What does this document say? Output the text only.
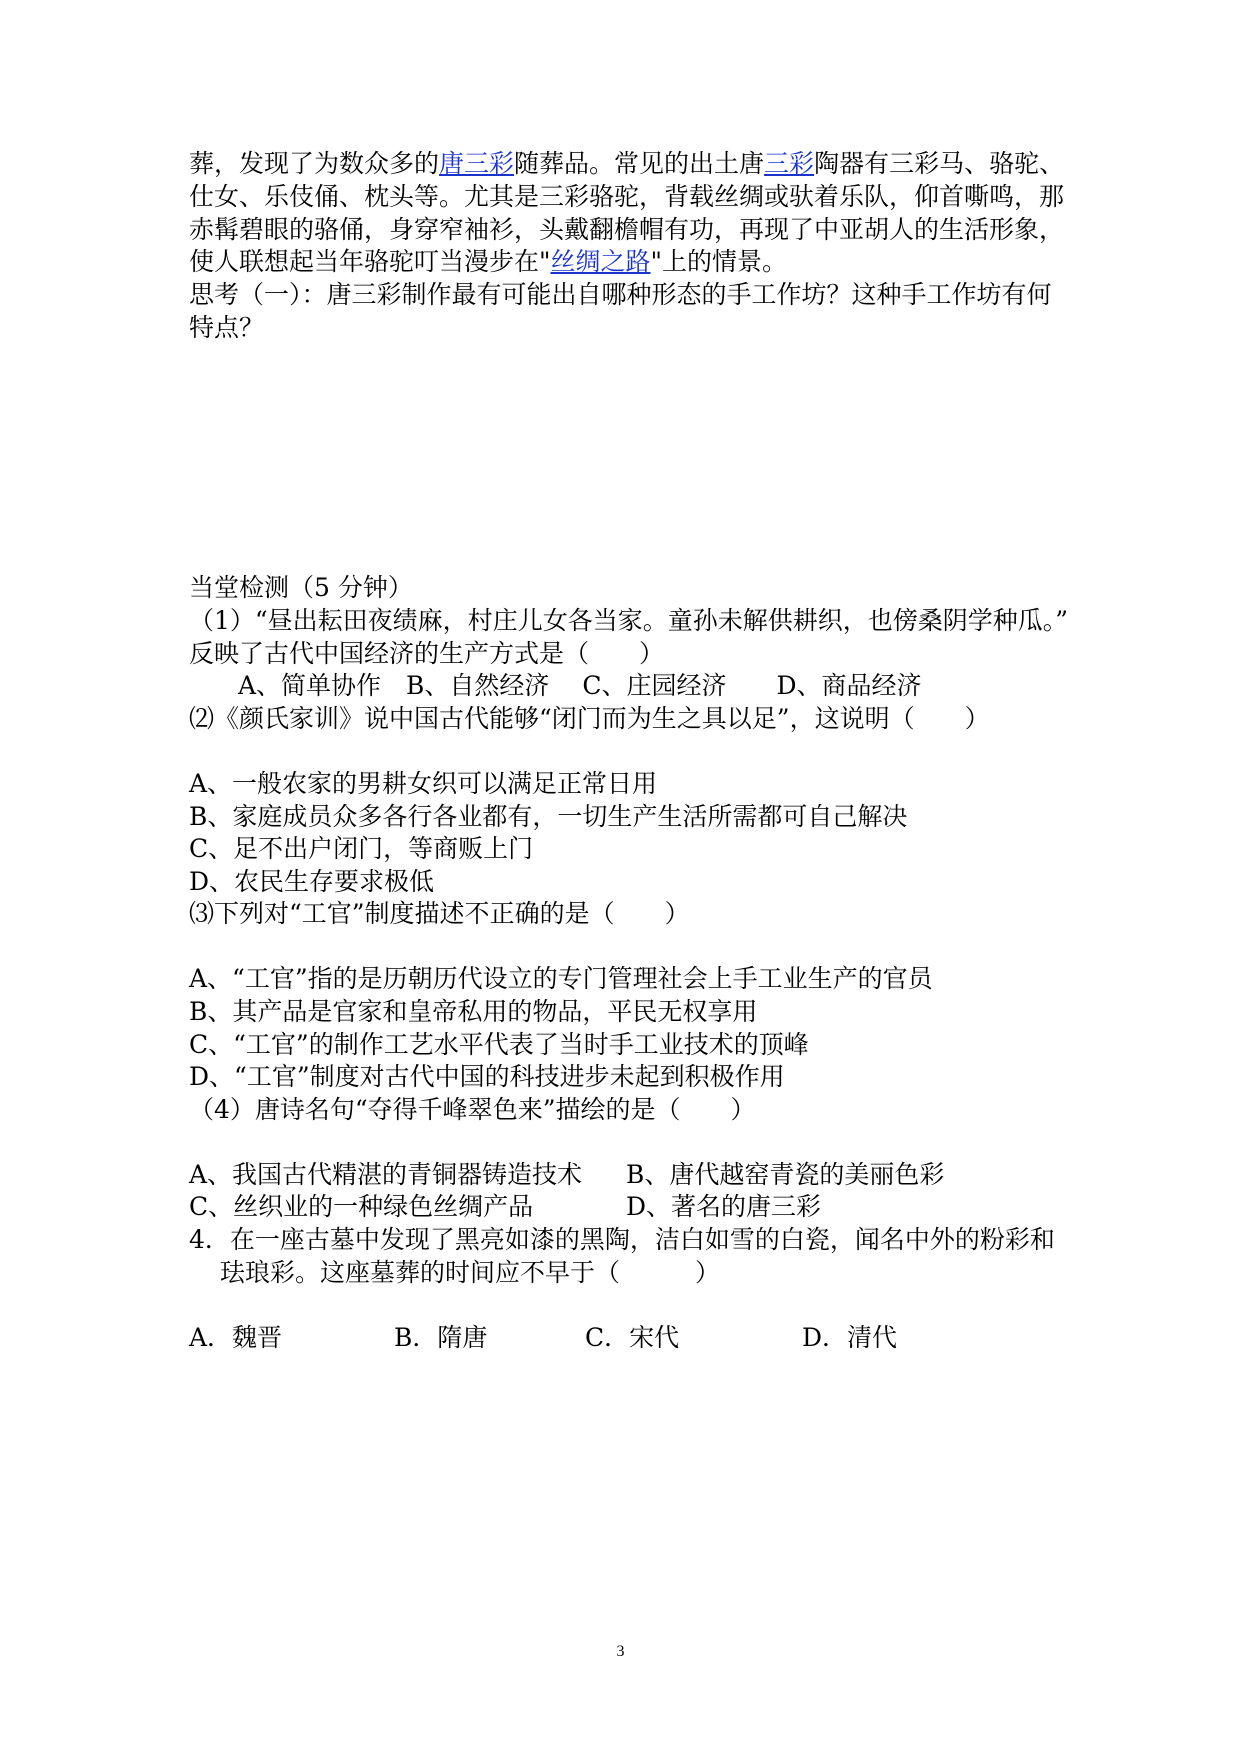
葬，发现了为数众多的唐三彩随葬品。常见的出土唐三彩陶器有三彩马、骆驼、
仕女、乐伎俑、枕头等。尤其是三彩骆驼，背载丝绸或驮着乐队，仰首嘶鸣，那
赤髯碧眼的骆俑，身穿窄袖衫，头戴翻檐帽有功，再现了中亚胡人的生活形象，
使人联想起当年骆驼叮当漫步在"丝绸之路"上的情景。
思考（一）：唐三彩制作最有可能出自哪种形态的手工作坊？这种手工作坊有何
特点？
当堂检测（5 分钟）
（1）“昼出耘田夜绩麻，村庄儿女各当家。童孙未解供耕织，也傍桑阴学种瓜。”
反映了古代中国经济的生产方式是（　　）
A、简单协作　B、自然经济　 C、庄园经济　　D、商品经济
⑵《颜氏家训》说中国古代能够“闭门而为生之具以足”，这说明（　　）
A、一般农家的男耕女织可以满足正常日用
B、家庭成员众多各行各业都有，一切生产生活所需都可自己解决
C、足不出户闭门，等商贩上门
D、农民生存要求极低
⑶下列对“工官”制度描述不正确的是（　　）
A、“工官”指的是历朝历代设立的专门管理社会上手工业生产的官员
B、其产品是官家和皇帝私用的物品，平民无权享用
C、“工官”的制作工艺水平代表了当时手工业技术的顶峰
D、“工官”制度对古代中国的科技进步未起到积极作用
（4）唐诗名句“夺得千峰翠色来”描绘的是（　　）
A、我国古代精湛的青铜器铸造技术 B、唐代越窑青瓷的美丽色彩
C、丝织业的一种绿色丝绸产品	D、著名的唐三彩
4．在一座古墓中发现了黑亮如漆的黑陶，洁白如雪的白瓷，闻名中外的粉彩和
珐琅彩。这座墓葬的时间应不早于（　　　）
A．魏晋	B．隋唐	C．宋代	D．清代
3
